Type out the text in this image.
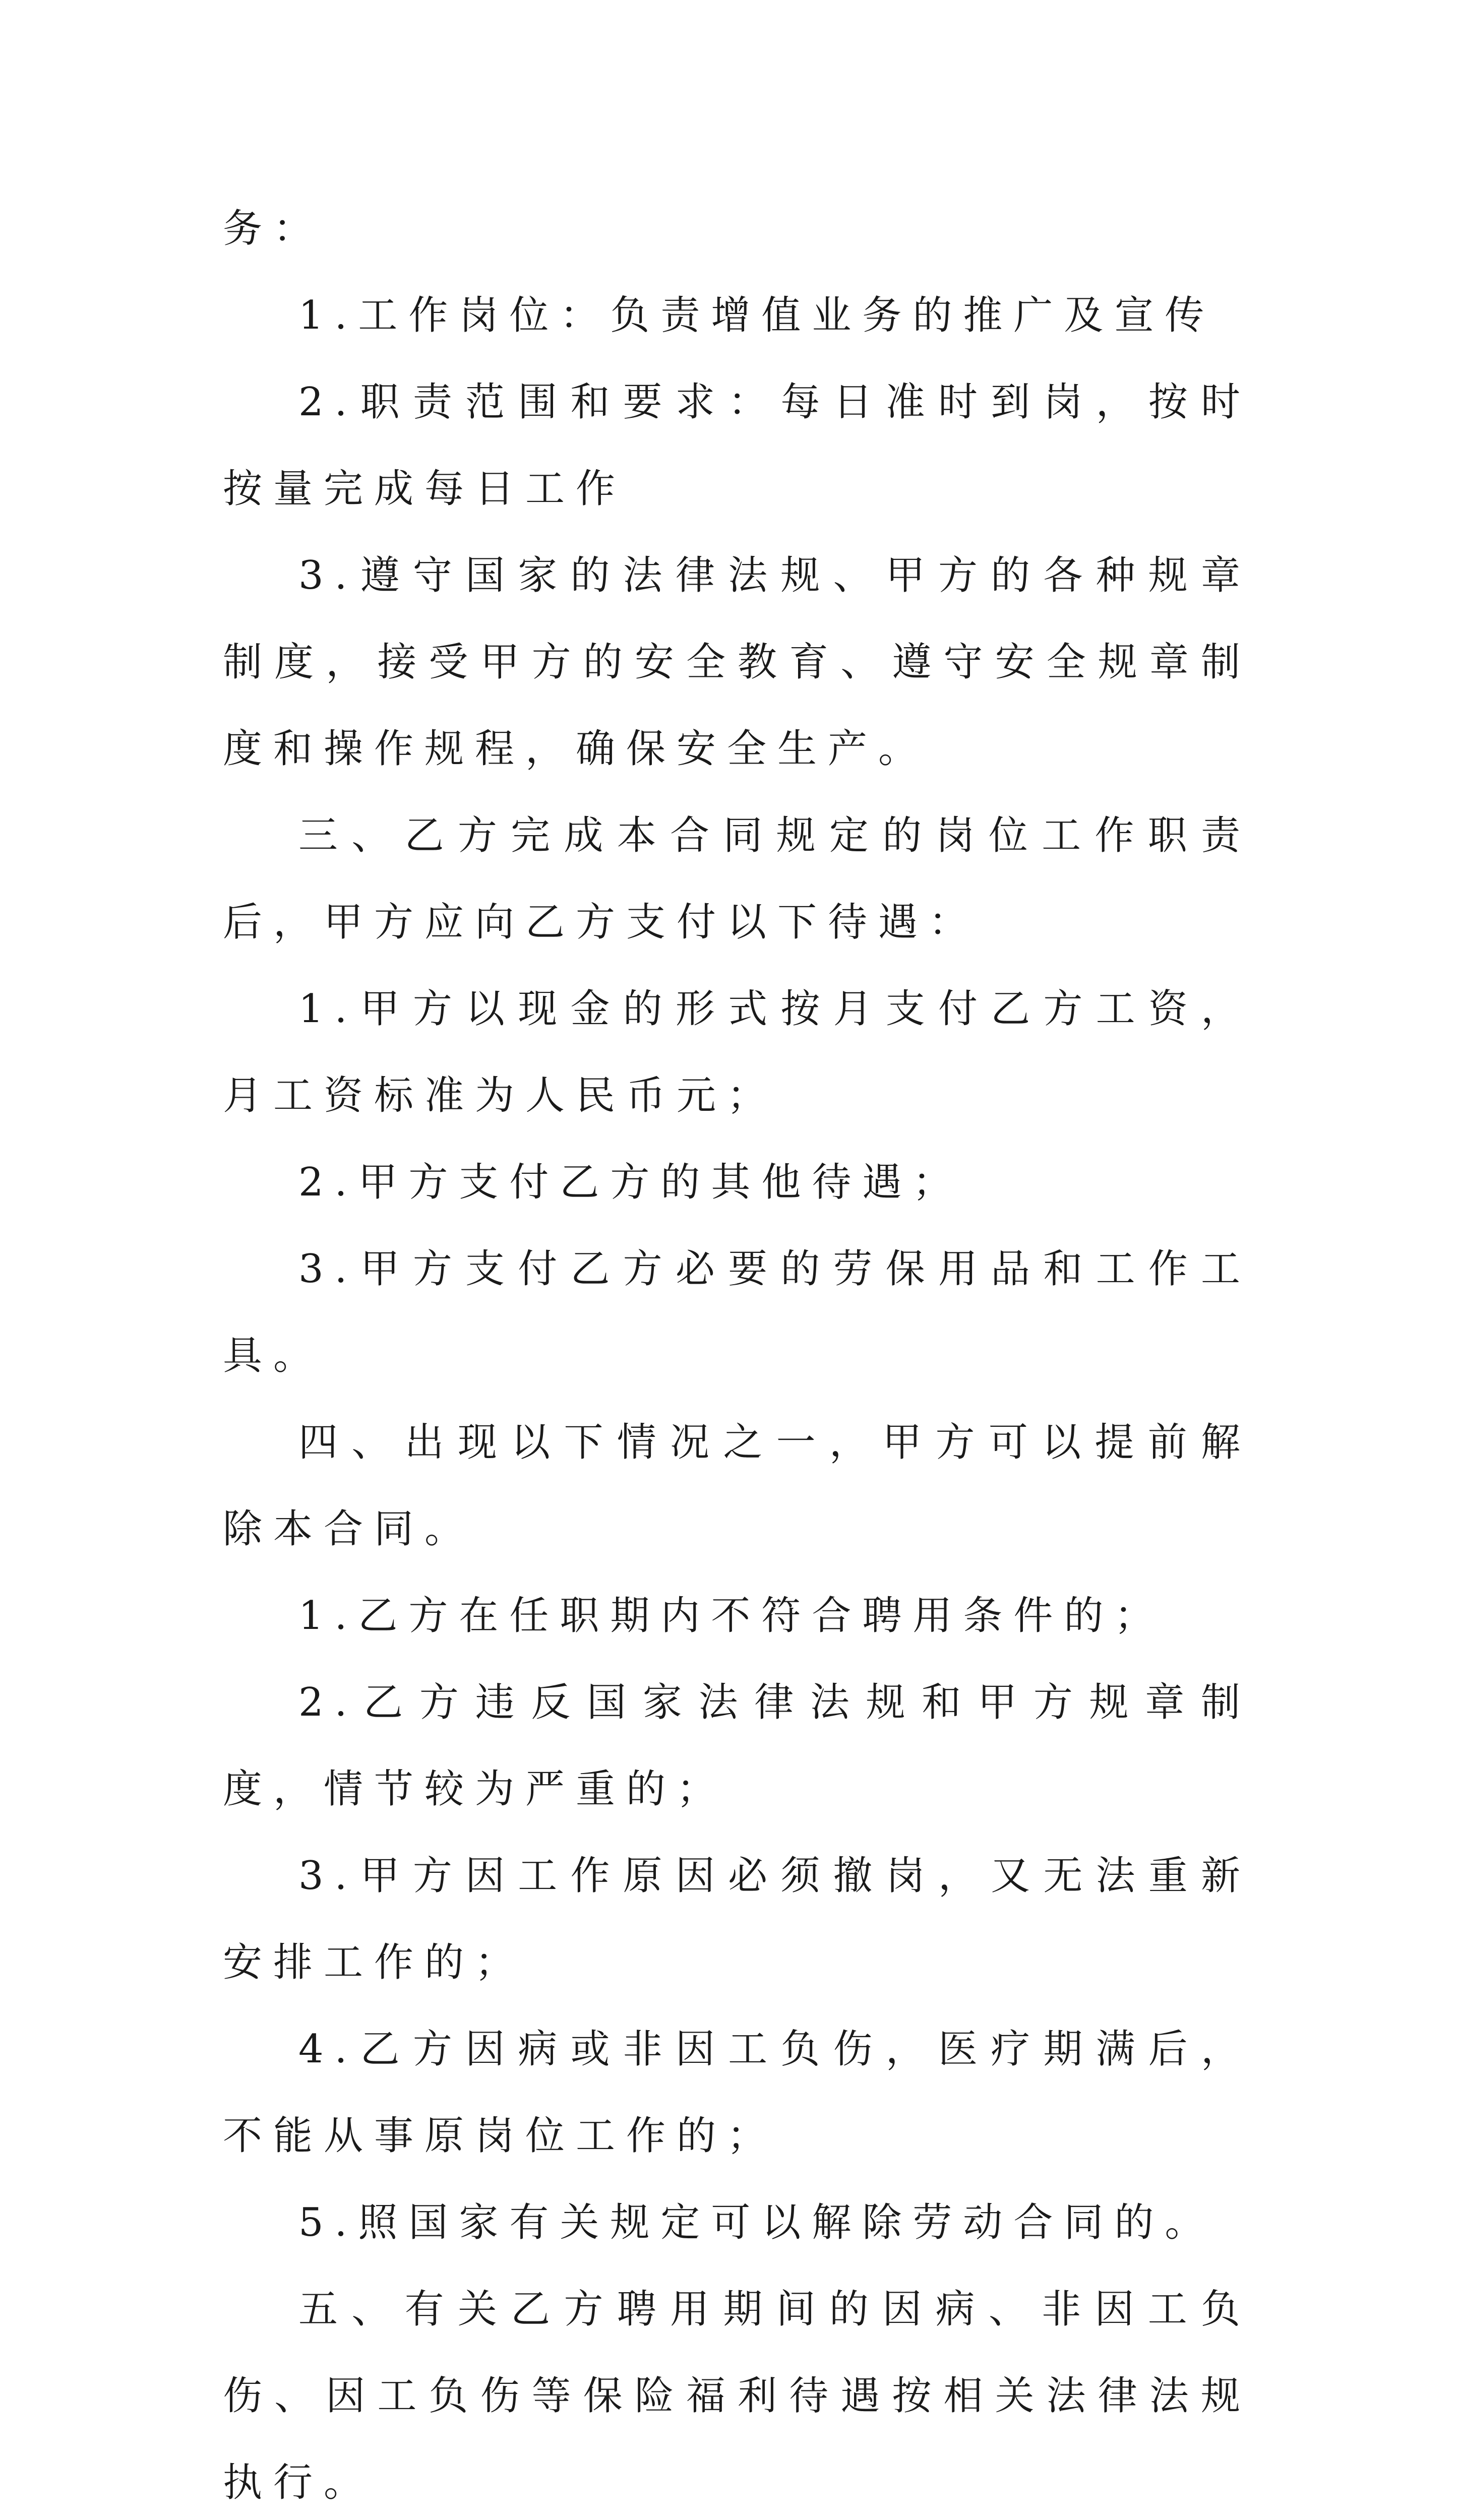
务：

1.工作岗位：负责增值业务的推广及宣传

2.职责范围和要求：每日准时到岗，按时按量完成每日工作

3.遵守国家的法律法规、甲方的各种规章制度，接受甲方的安全教育、遵守安全规章制度和操作规程，确保安全生产。

三、乙方完成本合同规定的岗位工作职责后，甲方应向乙方支付以下待遇：

1.甲方以现金的形式按月支付乙方工资，月工资标准为人民币元；

2.甲方支付乙方的其他待遇；

3.甲方支付乙方必要的劳保用品和工作工具。

四、出现以下情况之一，甲方可以提前解除本合同。

1.乙方在任职期内不符合聘用条件的；

2.乙方违反国家法律法规和甲方规章制度，情节较为严重的；

3.甲方因工作原因必须撤岗，又无法重新安排工作的；

4.乙方因病或非因工负伤，医疗期满后，不能从事原岗位工作的；

5.照国家有关规定可以解除劳动合同的。

五、有关乙方聘用期间的因病、非因工负伤、因工负伤等保险福利待遇按相关法律法规执行。
